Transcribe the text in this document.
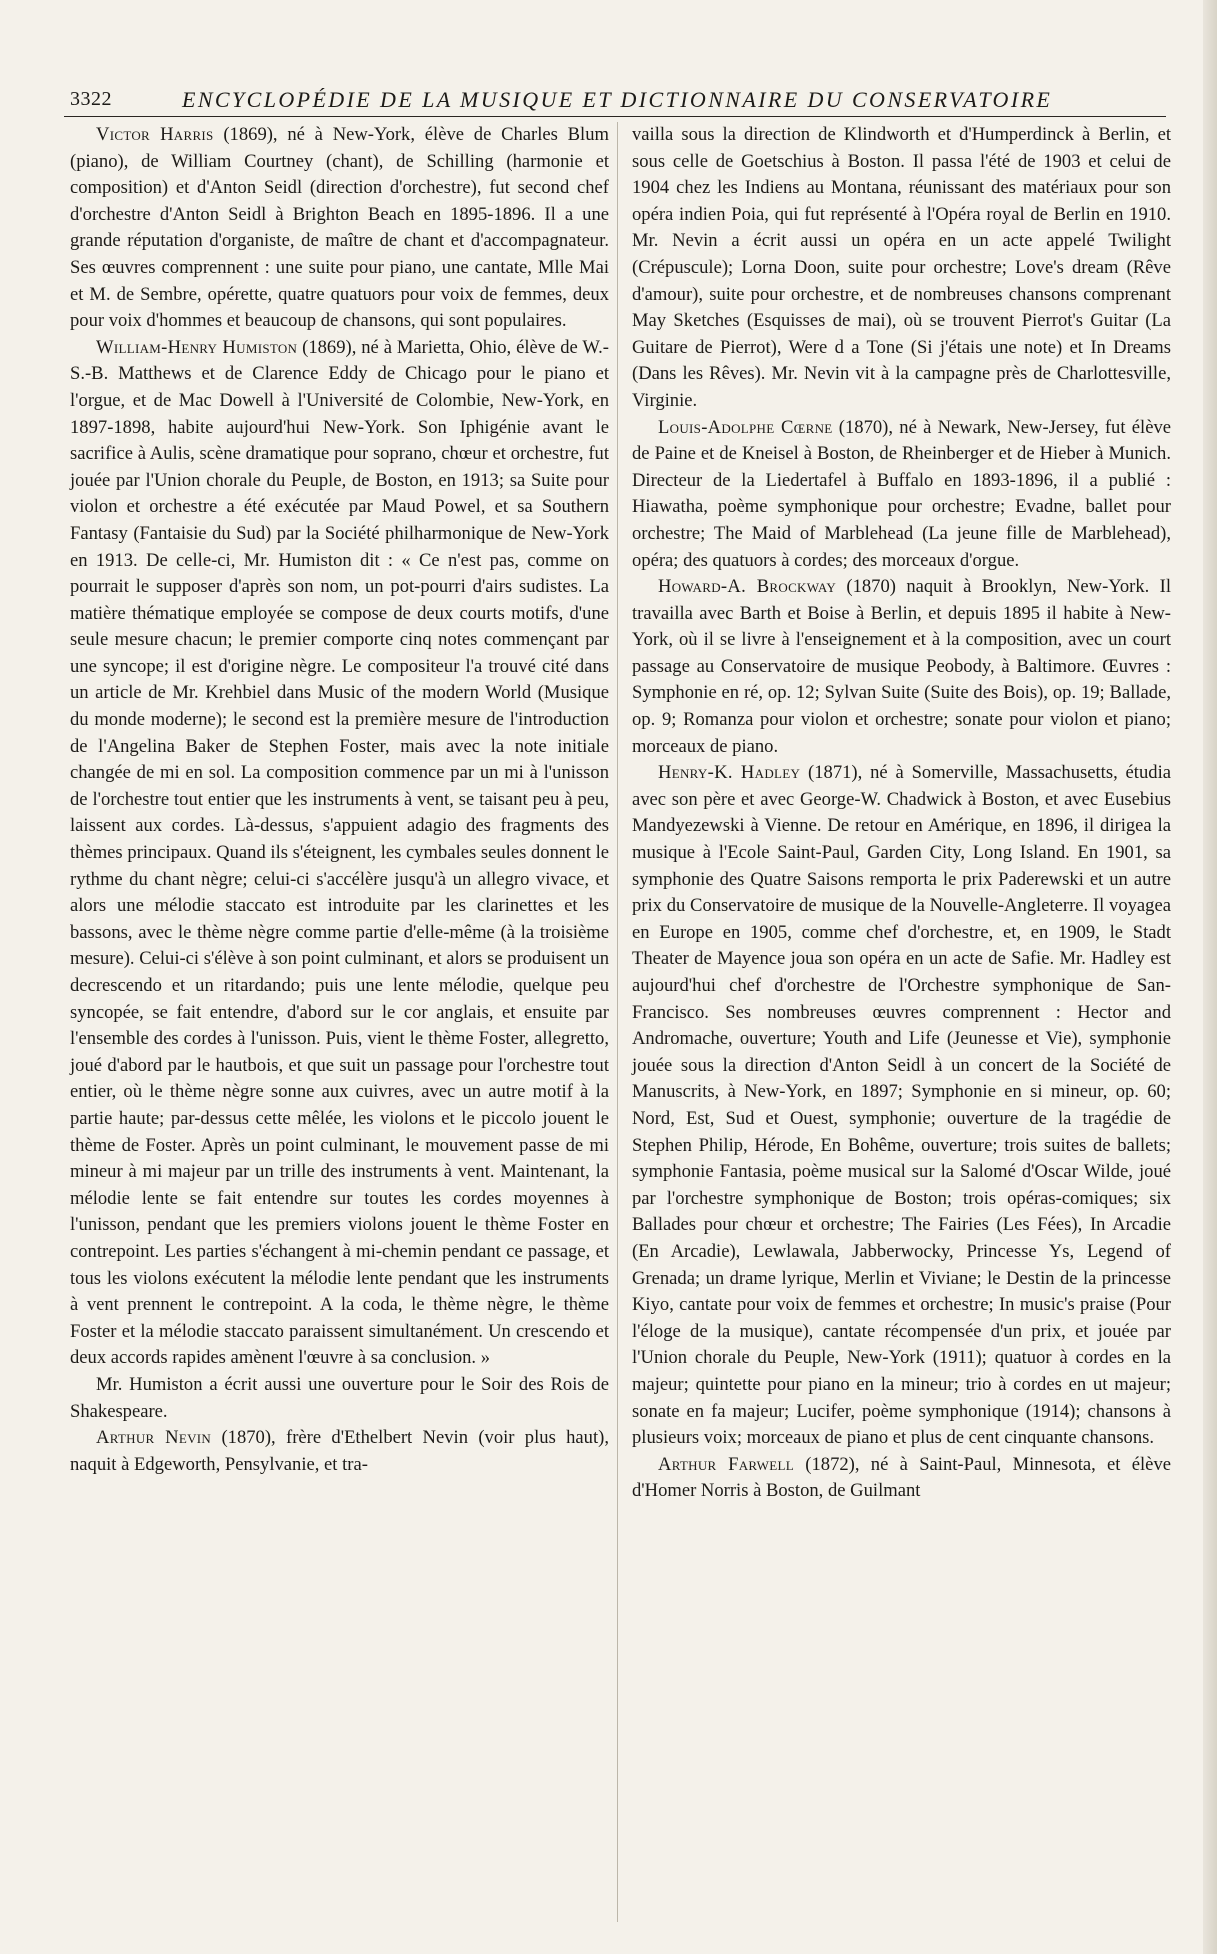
3322	ENCYCLOPÉDIE DE LA MUSIQUE ET DICTIONNAIRE DU CONSERVATOIRE

Victor Harris (1869), né à New-York, élève de Charles Blum (piano), de William Courtney (chant), de Schilling (harmonie et composition) et d'Anton Seidl (direction d'orchestre), fut second chef d'orchestre d'Anton Seidl à Brighton Beach en 1895-1896. Il a une grande réputation d'organiste, de maître de chant et d'accompagnateur. Ses œuvres comprennent : une suite pour piano, une cantate, Mlle Mai et M. de Sembre, opérette, quatre quatuors pour voix de femmes, deux pour voix d'hommes et beaucoup de chansons, qui sont populaires.

William-Henry Humiston (1869), né à Marietta, Ohio, élève de W.-S.-B. Matthews et de Clarence Eddy de Chicago pour le piano et l'orgue, et de Mac Dowell à l'Université de Colombie, New-York, en 1897-1898, habite aujourd'hui New-York. Son Iphigénie avant le sacrifice à Aulis, scène dramatique pour soprano, chœur et orchestre, fut jouée par l'Union chorale du Peuple, de Boston, en 1913; sa Suite pour violon et orchestre a été exécutée par Maud Powel, et sa Southern Fantasy (Fantaisie du Sud) par la Société philharmonique de New-York en 1913. De celle-ci, Mr. Humiston dit : « Ce n'est pas, comme on pourrait le supposer d'après son nom, un pot-pourri d'airs sudistes. La matière thématique employée se compose de deux courts motifs, d'une seule mesure chacun; le premier comporte cinq notes commençant par une syncope; il est d'origine nègre. Le compositeur l'a trouvé cité dans un article de Mr. Krehbiel dans Music of the modern World (Musique du monde moderne); le second est la première mesure de l'introduction de l'Angelina Baker de Stephen Foster, mais avec la note initiale changée de mi en sol. La composition commence par un mi à l'unisson de l'orchestre tout entier que les instruments à vent, se taisant peu à peu, laissent aux cordes. Là-dessus, s'appuient adagio des fragments des thèmes principaux. Quand ils s'éteignent, les cymbales seules donnent le rythme du chant nègre; celui-ci s'accélère jusqu'à un allegro vivace, et alors une mélodie staccato est introduite par les clarinettes et les bassons, avec le thème nègre comme partie d'elle-même (à la troisième mesure). Celui-ci s'élève à son point culminant, et alors se produisent un decrescendo et un ritardando; puis une lente mélodie, quelque peu syncopée, se fait entendre, d'abord sur le cor anglais, et ensuite par l'ensemble des cordes à l'unisson. Puis, vient le thème Foster, allegretto, joué d'abord par le hautbois, et que suit un passage pour l'orchestre tout entier, où le thème nègre sonne aux cuivres, avec un autre motif à la partie haute; par-dessus cette mêlée, les violons et le piccolo jouent le thème de Foster. Après un point culminant, le mouvement passe de mi mineur à mi majeur par un trille des instruments à vent. Maintenant, la mélodie lente se fait entendre sur toutes les cordes moyennes à l'unisson, pendant que les premiers violons jouent le thème Foster en contrepoint. Les parties s'échangent à mi-chemin pendant ce passage, et tous les violons exécutent la mélodie lente pendant que les instruments à vent prennent le contrepoint. A la coda, le thème nègre, le thème Foster et la mélodie staccato paraissent simultanément. Un crescendo et deux accords rapides amènent l'œuvre à sa conclusion. »

Mr. Humiston a écrit aussi une ouverture pour le Soir des Rois de Shakespeare.

Arthur Nevin (1870), frère d'Ethelbert Nevin (voir plus haut), naquit à Edgeworth, Pensylvanie, et tra-

vailla sous la direction de Klindworth et d'Humperdinck à Berlin, et sous celle de Goetschius à Boston. Il passa l'été de 1903 et celui de 1904 chez les Indiens au Montana, réunissant des matériaux pour son opéra indien Poia, qui fut représenté à l'Opéra royal de Berlin en 1910. Mr. Nevin a écrit aussi un opéra en un acte appelé Twilight (Crépuscule); Lorna Doon, suite pour orchestre; Love's dream (Rêve d'amour), suite pour orchestre, et de nombreuses chansons comprenant May Sketches (Esquisses de mai), où se trouvent Pierrot's Guitar (La Guitare de Pierrot), Were d a Tone (Si j'étais une note) et In Dreams (Dans les Rêves). Mr. Nevin vit à la campagne près de Charlottesville, Virginie.

Louis-Adolphe Cœrne (1870), né à Newark, New-Jersey, fut élève de Paine et de Kneisel à Boston, de Rheinberger et de Hieber à Munich. Directeur de la Liedertafel à Buffalo en 1893-1896, il a publié : Hiawatha, poème symphonique pour orchestre; Evadne, ballet pour orchestre; The Maid of Marblehead (La jeune fille de Marblehead), opéra; des quatuors à cordes; des morceaux d'orgue.

Howard-A. Brockway (1870) naquit à Brooklyn, New-York. Il travailla avec Barth et Boise à Berlin, et depuis 1895 il habite à New-York, où il se livre à l'enseignement et à la composition, avec un court passage au Conservatoire de musique Peobody, à Baltimore. Œuvres : Symphonie en ré, op. 12; Sylvan Suite (Suite des Bois), op. 19; Ballade, op. 9; Romanza pour violon et orchestre; sonate pour violon et piano; morceaux de piano.

Henry-K. Hadley (1871), né à Somerville, Massachusetts, étudia avec son père et avec George-W. Chadwick à Boston, et avec Eusebius Mandyezewski à Vienne. De retour en Amérique, en 1896, il dirigea la musique à l'Ecole Saint-Paul, Garden City, Long Island. En 1901, sa symphonie des Quatre Saisons remporta le prix Paderewski et un autre prix du Conservatoire de musique de la Nouvelle-Angleterre. Il voyagea en Europe en 1905, comme chef d'orchestre, et, en 1909, le Stadt Theater de Mayence joua son opéra en un acte de Safie. Mr. Hadley est aujourd'hui chef d'orchestre de l'Orchestre symphonique de San-Francisco. Ses nombreuses œuvres comprennent : Hector and Andromache, ouverture; Youth and Life (Jeunesse et Vie), symphonie jouée sous la direction d'Anton Seidl à un concert de la Société de Manuscrits, à New-York, en 1897; Symphonie en si mineur, op. 60; Nord, Est, Sud et Ouest, symphonie; ouverture de la tragédie de Stephen Philip, Hérode, En Bohême, ouverture; trois suites de ballets; symphonie Fantasia, poème musical sur la Salomé d'Oscar Wilde, joué par l'orchestre symphonique de Boston; trois opéras-comiques; six Ballades pour chœur et orchestre; The Fairies (Les Fées), In Arcadie (En Arcadie), Lewlawala, Jabberwocky, Princesse Ys, Legend of Grenada; un drame lyrique, Merlin et Viviane; le Destin de la princesse Kiyo, cantate pour voix de femmes et orchestre; In music's praise (Pour l'éloge de la musique), cantate récompensée d'un prix, et jouée par l'Union chorale du Peuple, New-York (1911); quatuor à cordes en la majeur; quintette pour piano en la mineur; trio à cordes en ut majeur; sonate en fa majeur; Lucifer, poème symphonique (1914); chansons à plusieurs voix; morceaux de piano et plus de cent cinquante chansons.

Arthur Farwell (1872), né à Saint-Paul, Minnesota, et élève d'Homer Norris à Boston, de Guilmant
